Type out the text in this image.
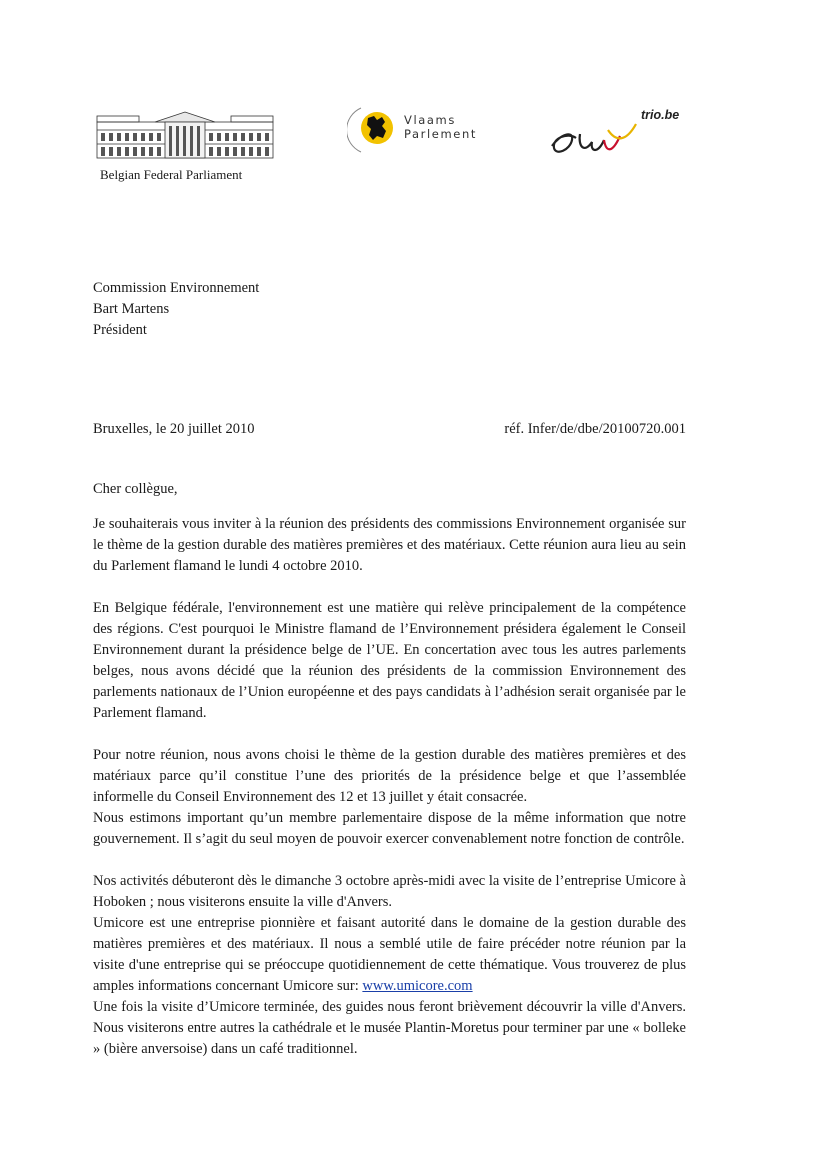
Belgian Federal Parliament
Vlaams
Parlement
trio.be
Commission Environnement
Bart Martens
Président
Bruxelles, le 20 juillet 2010	réf. Infer/de/dbe/20100720.001
Cher collègue,

Je souhaiterais vous inviter à la réunion des présidents des commissions Environnement organisée sur le thème de la gestion durable des matières premières et des matériaux. Cette réunion aura lieu au sein du Parlement flamand le lundi 4 octobre 2010.

En Belgique fédérale, l'environnement est une matière qui relève principalement de la compétence des régions. C'est pourquoi le Ministre flamand de l’Environnement présidera également le Conseil Environnement durant la présidence belge de l’UE. En concertation avec tous les autres parlements belges, nous avons décidé que la réunion des présidents de la commission Environnement des parlements nationaux de l’Union européenne et des pays candidats à l’adhésion serait organisée par le Parlement flamand.

Pour notre réunion, nous avons choisi le thème de la gestion durable des matières premières et des matériaux parce qu’il constitue l’une des priorités de la présidence belge et que l’assemblée informelle du Conseil Environnement des 12 et 13 juillet y était consacrée.
Nous estimons important qu’un membre parlementaire dispose de la même information que notre gouvernement. Il s’agit du seul moyen de pouvoir exercer convenablement notre fonction de contrôle.

Nos activités débuteront dès le dimanche 3 octobre après-midi avec la visite de l’entreprise Umicore à Hoboken ; nous visiterons ensuite la ville d'Anvers.
Umicore est une entreprise pionnière et faisant autorité dans le domaine de la gestion durable des matières premières et des matériaux. Il nous a semblé utile de faire précéder notre réunion par la visite d'une entreprise qui se préoccupe quotidiennement de cette thématique. Vous trouverez de plus amples informations concernant Umicore sur: www.umicore.com
Une fois la visite d’Umicore terminée, des guides nous feront brièvement découvrir la ville d'Anvers. Nous visiterons entre autres la cathédrale et le musée Plantin-Moretus pour terminer par une « bolleke » (bière anversoise) dans un café traditionnel.
